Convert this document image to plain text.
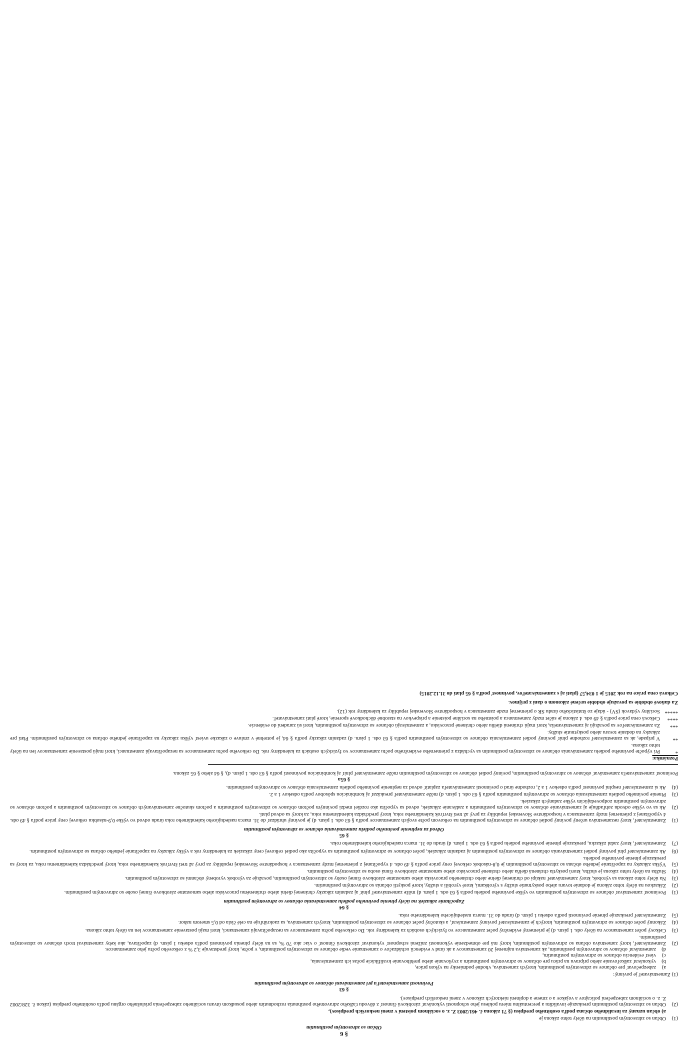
§ 6
Občan so zdravotným postihnutím
(1)
Občan so zdravotným postihnutím na účely tohto zákona je
a) občan uznaný za invalidného občana podľa osobitného predpisu (§ 71 zákona č. 461/2003 Z. z. o sociálnom poistení v znení neskorších predpisov),
(2)
Občan so zdravotným postihnutím preukazuje invaliditu a percentuálnu mieru poklesu jeho schopnosti vykonávať zárobkovú činnosť z dôvodu ťažkého zdravotného postihnutia rozhodnutím alebo posudkom útvaru sociálneho zabezpečenia príslušného orgánu podľa osobitného predpisu (zákon č. 328/2002 Z. z. o sociálnom zabezpečení policajtov a vojakov a o zmene a doplnení niektorých zákonov v znení neskorších predpisov).
§ 63
Povinnosti zamestnávateľa pri zamestnávaní občanov so zdravotným postihnutím
(1) Zamestnávateľ je povinný:
a)
zabezpečovať pre občanov so zdravotným postihnutím, ktorých zamestnáva, vhodné podmienky na výkon práce,
b)
vykonávať zaškoľovanie alebo prípravu na prácu pre občanov so zdravotným postihnutím a zvyšovanie alebo prehlbovanie kvalifikácie počas ich zamestnávania,
c)
viesť evidenciu občanov so zdravotným postihnutím,
d)
zamestnávať občanov so zdravotným postihnutím, ak zamestnáva najmenej 20 zamestnancov a ak úrad v evidencii uchádzačov o zamestnanie vedie občanov so zdravotným postihnutím, v počte, ktorý predstavuje 3,2 % z celkového počtu jeho zamestnancov.
(2)
Zamestnávateľ, ktorý zamestnáva občana so zdravotným postihnutím, ktorý má pre obmedzenie výkonnosti zníženú schopnosť vykonávať zárobkovú činnosť o viac ako 70 %, sa na účely plnenia povinnosti podľa odseku 1 písm. d) započítava, ako keby zamestnával troch občanov so zdravotným postihnutím.
(3)
Celkový počet zamestnancov na účely ods. 1 písm. d) je priemerný evidenčný počet zamestnancov vo fyzických osobách za kalendárny rok. Do celkového počtu zamestnancov sa nezapočítavajú zamestnanci, ktorí majú postavenie zamestnancov len na účely tohto zákona.
(4)
Zákonný počet občanov so zdravotným postihnutím, ktorých je zamestnávateľ povinný zamestnávať, a skutočný počet občanov so zdravotným postihnutím, ktorých zamestnáva, sa zaokrúhľuje na celé čísla od 0,5 smerom nahor.
(5)
Zamestnávateľ preukazuje plnenie povinnosti podľa odseku 1 písm. d) úradu do 31. marca nasledujúceho kalendárneho roka.
§ 64
Započítanie zákaziek na účely plnenia povinného podielu zamestnávania občanov so zdravotným postihnutím
(1)
Povinnosť zamestnávať občanov so zdravotným postihnutím vo výške povinného podielu podľa § 63 ods. 1 písm. d) môže zamestnávateľ plniť aj zadaním zákazky chránenej dielni alebo chránenému pracovisku alebo samostatne zárobkovo činnej osobe so zdravotným postihnutím.
(2)
Zákazkou na účely tohto zákona je dodanie tovaru alebo poskytnutie služby s výrobkami, ktoré vyrobili a služby, ktoré poskytli občania so zdravotným postihnutím.
(3)
Na účely tohto zákona sa výrobok, ktorý zamestnávateľ nakúpi od chránenej dielne alebo chráneného pracoviska alebo samostatne zárobkovo činnej osoby so zdravotným postihnutím, považuje za výrobok vyrobený občanmi so zdravotným postihnutím.
(4)
Služba na účely tohto zákona je služba, ktorú poskytla chránená dielňa alebo chránené pracovisko alebo samostatne zárobkovo činná osoba so zdravotným postihnutím.
(5)
Výška zákazky na započítanie jedného občana so zdravotným postihnutím je 0,8-násobok celkovej ceny práce podľa § 49 ods. 4 vypočítanej z priemernej mzdy zamestnanca v hospodárstve Slovenskej republiky za prvý až tretí štvrťrok kalendárneho roka, ktorý predchádza kalendárnemu roku, za ktorý sa preukazuje plnenie povinného podielu.
(6)
Ak zamestnávateľ plní povinný podiel zamestnávania občanov so zdravotným postihnutím aj zadaním zákaziek, počet občanov so zdravotným postihnutím sa vypočíta ako podiel celkovej ceny zákaziek za kalendárny rok a výšky zákazky na započítanie jedného občana so zdravotným postihnutím.
(7)
Zamestnávateľ, ktorý zadal zákazku, preukazuje plnenie povinného podielu podľa § 63 ods. 1 písm. d) úradu do 31. marca nasledujúceho kalendárneho roka.
§ 65
Odvod za neplnenie povinného podielu zamestnávania občanov so zdravotným postihnutím
(1)
Zamestnávateľ, ktorý nezamestnáva určený povinný podiel občanov so zdravotným postihnutím na celkovom počte svojich zamestnancov podľa § 63 ods. 1 písm. d) je povinný uhrádzať do 31. marca nasledujúceho kalendárneho roka úradu odvod vo výške 0,9-násobku celkovej ceny práce podľa § 49 ods. 4 vypočítanej z priemernej mzdy zamestnanca v hospodárstve Slovenskej republiky za prvý až tretí štvrťrok kalendárneho roka, ktorý predchádza kalendárnemu roku, za ktorý sa odvod platí.
(2)
Ak sa vo výške odvodu zohľadňuje aj zamestnávanie občanov so zdravotným postihnutím a zadávanie zákaziek, odvod sa vypočíta ako rozdiel medzi povinným počtom občanov so zdravotným postihnutím a počtom skutočne zamestnávaných občanov so zdravotným postihnutím a počtom občanov so zdravotným postihnutím zodpovedajúcim výške zadaných zákaziek.
(3)
Plnenie povinného podielu zamestnávania občanov so zdravotným postihnutím podľa § 63 ods. 1 písm. d) môže zamestnávateľ preukázať aj kombináciou spôsobov podľa odsekov 1 a 2.
(4)
Ak si zamestnávateľ nesplní povinnosť podľa odsekov 1 a 2, rozhodne úrad o povinnosti zamestnávateľa zaplatiť odvod za neplnenie povinného podielu zamestnávania občanov so zdravotným postihnutím.
§ 65a
Povinnosť zamestnávateľa zamestnávať občanov so zdravotným postihnutím, povinný podiel občanov so zdravotným postihnutím môže zamestnávateľ plniť aj kombináciou povinností podľa § 63 ods. 1 písm. d), § 64 alebo § 65 zákona.
Poznámka:
*
Pri výpočte povinného podielu zamestnávania občanov so zdravotným postihnutím sa vychádza z priemerného evidenčného počtu zamestnancov vo fyzických osobách za kalendárny rok. Do celkového počtu zamestnancov sa nezapočítavajú zamestnanci, ktorí majú postavenie zamestnancov len na účely tohto zákona.
**
V prípade, ak sa zamestnávateľ rozhodne plniť povinný podiel zamestnávania občanov so zdravotným postihnutím podľa § 63 ods. 1 písm. d) zadaním zákazky podľa § 64, je potrebné v zmluve o zákazke uviesť výšku zákazky na započítanie jedného občana so zdravotným postihnutím. Platí pre zákazky na dodanie tovaru alebo poskytnutie služby.
***
Za zamestnávateľov sa považujú aj zamestnávatelia, ktorí majú chránenú dielňu alebo chránené pracovisko, a zamestnávajú občanov so zdravotným postihnutím, ktorí sú zaradení do evidencie.
****
Celková cena práce podľa § 49 ods. 4 zákona je súčet mzdy zamestnanca a poistného na sociálne poistenie a príspevkov na starobné dôchodkové sporenie, ktoré platí zamestnávateľ.
*****
Sociálny výdavok (SV) - údaje zo štatistického úradu SR o priemernej mzde zamestnanca v hospodárstve Slovenskej republiky za kalendárny rok (12).
Za daňové obdobie sa považuje obdobie určené zákonom o dani z príjmov.
Celková cena práce na rok 2015 je 1 034,57 (platí aj s zamestnávateľov, povinnosť podľa § 65 platí do 31.12.2015)
